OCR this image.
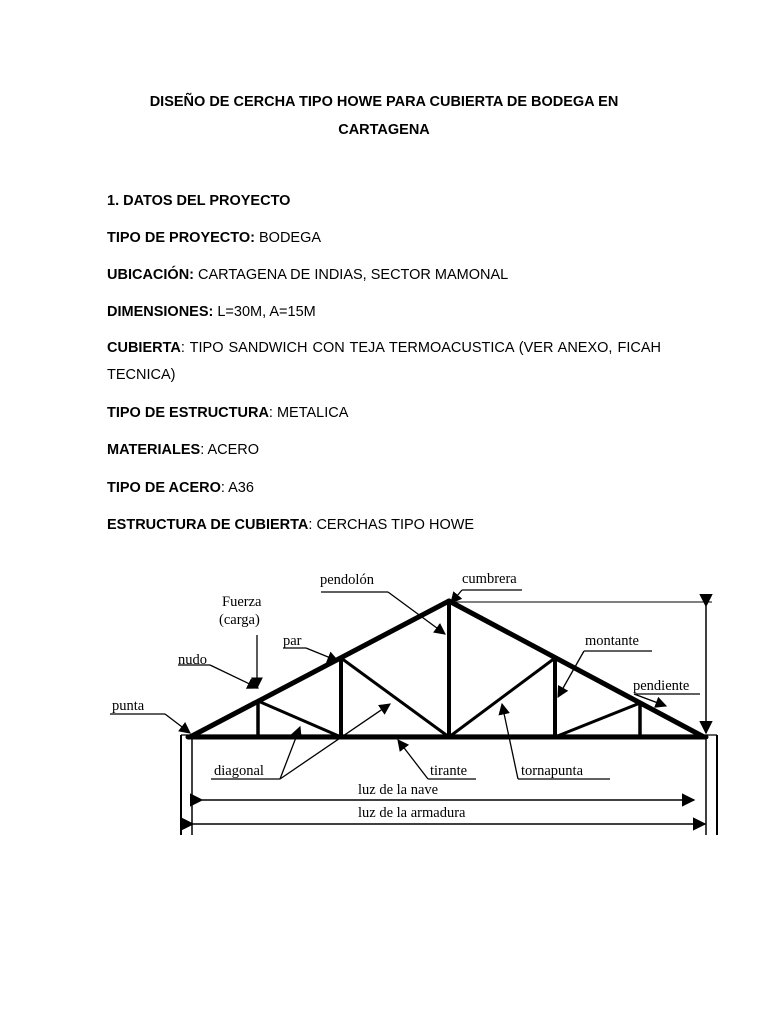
DISEÑO DE CERCHA TIPO HOWE PARA CUBIERTA DE BODEGA EN
CARTAGENA
1. DATOS DEL PROYECTO
TIPO DE PROYECTO: BODEGA
UBICACIÓN: CARTAGENA DE INDIAS, SECTOR MAMONAL
DIMENSIONES: L=30M, A=15M
CUBIERTA: TIPO SANDWICH CON TEJA TERMOACUSTICA (VER ANEXO, FICAH TECNICA)
TIPO DE ESTRUCTURA: METALICA
MATERIALES: ACERO
TIPO DE ACERO: A36
ESTRUCTURA DE CUBIERTA: CERCHAS TIPO HOWE
pendolón	cumbrera
Fuerza
(carga)
par	montante
nudo
pendiente
punta
diagonal	tirante	tornapunta
luz de la nave
luz de la armadura
